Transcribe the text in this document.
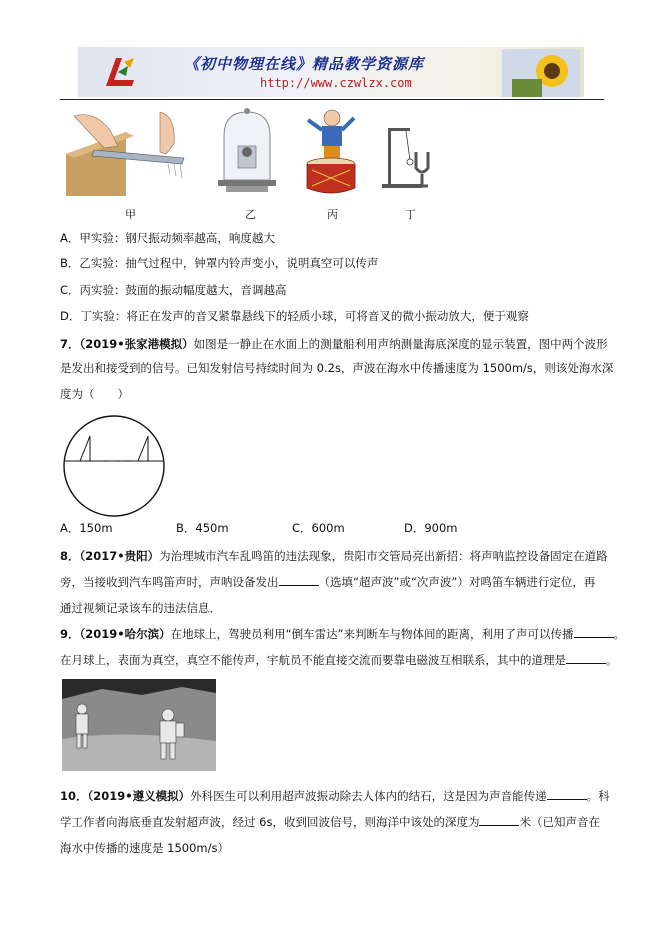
《初中物理在线》精品教学资源库
http://www.czwlzx.com
甲	乙	丙	丁
A．甲实验：钢尺振动频率越高，响度越大
B．乙实验：抽气过程中，钟罩内铃声变小，说明真空可以传声
C．丙实验：鼓面的振动幅度越大，音调越高
D．丁实验：将正在发声的音叉紧靠悬线下的轻质小球，可将音叉的微小振动放大，便于观察
7．（2019•张家港模拟）如图是一静止在水面上的测量船利用声纳测量海底深度的显示装置，图中两个波形
是发出和接受到的信号。已知发射信号持续时间为 0.2s，声波在海水中传播速度为 1500m/s，则该处海水深
度为（　　）
A．150m	B．450m	C．600m	D．900m
8．（2017•贵阳）为治理城市汽车乱鸣笛的违法现象，贵阳市交管局亮出新招：将声呐监控设备固定在道路
旁，当接收到汽车鸣笛声时，声呐设备发出	（选填“超声波”或“次声波”）对鸣笛车辆进行定位，再
通过视频记录该车的违法信息．
9．（2019•哈尔滨）在地球上，驾驶员利用“倒车雷达”来判断车与物体间的距离，利用了声可以传播	。
在月球上，表面为真空，真空不能传声，宇航员不能直接交流而要靠电磁波互相联系，其中的道理是	。
10．（2019•遵义模拟）外科医生可以利用超声波振动除去人体内的结石，这是因为声音能传递	。科
学工作者向海底垂直发射超声波，经过 6s，收到回波信号，则海洋中该处的深度为	米（已知声音在
海水中传播的速度是 1500m/s）
